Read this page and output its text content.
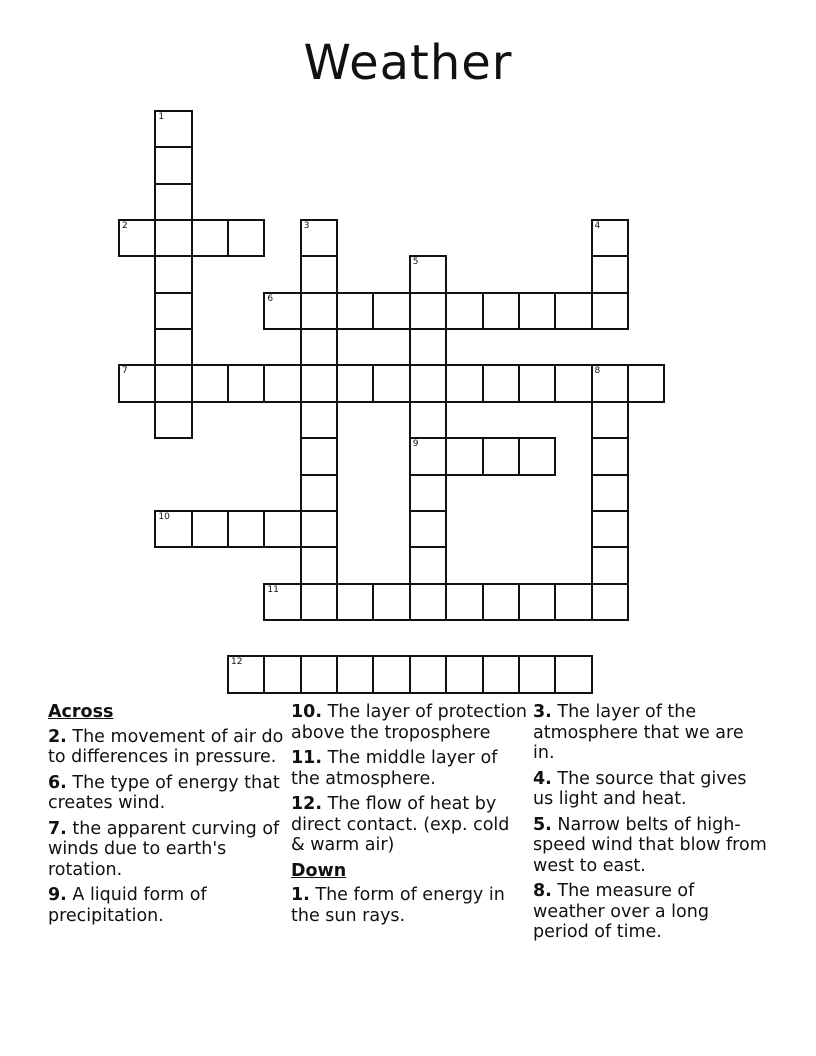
Weather
2
6
7	8
9
10
11
12
1
3	4
5
Across
2. The movement of air do to differences in pressure.
6. The type of energy that creates wind.
7. the apparent curving of winds due to earth's rotation.
9. A liquid form of precipitation.
10. The layer of protection above the troposphere
11. The middle layer of the atmosphere.
12. The flow of heat by direct contact. (exp. cold & warm air)
Down
1. The form of energy in the sun rays.
3. The layer of the atmosphere that we are in.
4. The source that gives us light and heat.
5. Narrow belts of high-speed wind that blow from west to east.
8. The measure of weather over a long period of time.
